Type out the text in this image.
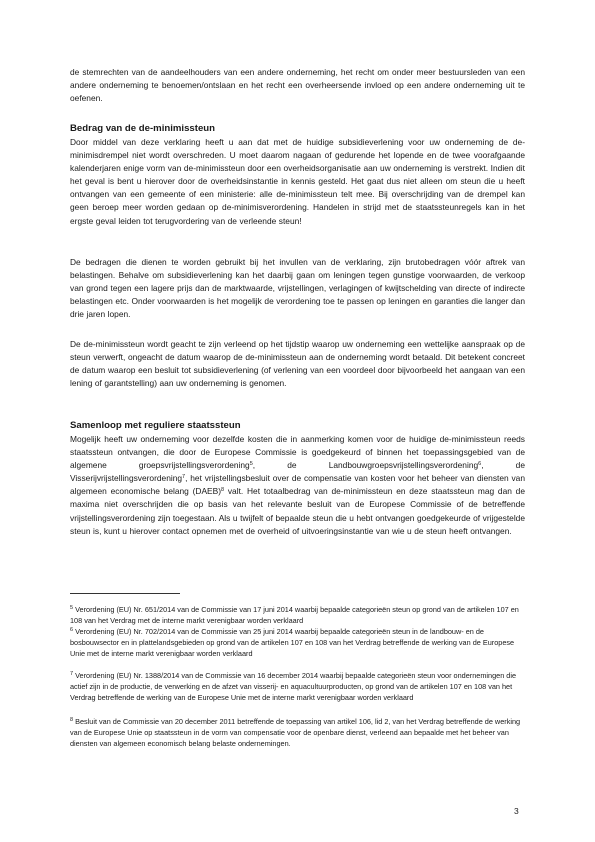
de stemrechten van de aandeelhouders van een andere onderneming, het recht om onder meer bestuursleden van een andere onderneming te benoemen/ontslaan en het recht een overheersende invloed op een andere onderneming uit te oefenen.

Bedrag van de de-minimissteun

Door middel van deze verklaring heeft u aan dat met de huidige subsidieverlening voor uw onderneming de de-minimisdrempel niet wordt overschreden. U moet daarom nagaan of gedurende het lopende en de twee voorafgaande kalenderjaren enige vorm van de-minimissteun door een overheidsorganisatie aan uw onderneming is verstrekt. Indien dit het geval is bent u hierover door de overheidsinstantie in kennis gesteld. Het gaat dus niet alleen om steun die u heeft ontvangen van een gemeente of een ministerie: alle de-minimissteun telt mee. Bij overschrijding van de drempel kan geen beroep meer worden gedaan op de-minimisverordening. Handelen in strijd met de staatssteunregels kan in het ergste geval leiden tot terugvordering van de verleende steun!

De bedragen die dienen te worden gebruikt bij het invullen van de verklaring, zijn brutobedragen vóór aftrek van belastingen. Behalve om subsidieverlening kan het daarbij gaan om leningen tegen gunstige voorwaarden, de verkoop van grond tegen een lagere prijs dan de marktwaarde, vrijstellingen, verlagingen of kwijtschelding van directe of indirecte belastingen etc. Onder voorwaarden is het mogelijk de verordening toe te passen op leningen en garanties die langer dan drie jaren lopen.

De de-minimissteun wordt geacht te zijn verleend op het tijdstip waarop uw onderneming een wettelijke aanspraak op de steun verwerft, ongeacht de datum waarop de de-minimissteun aan de onderneming wordt betaald. Dit betekent concreet de datum waarop een besluit tot subsidieverlening (of verlening van een voordeel door bijvoorbeeld het aangaan van een lening of garantstelling) aan uw onderneming is genomen.

Samenloop met reguliere staatssteun

Mogelijk heeft uw onderneming voor dezelfde kosten die in aanmerking komen voor de huidige de-minimissteun reeds staatssteun ontvangen, die door de Europese Commissie is goedgekeurd of binnen het toepassingsgebied van de algemene groepsvrijstellingsverordening$^5$, de Landbouwgroepsvrijstellingsverordening$^6$, de Visserijvrijstellingsverordening$^7$, het vrijstellingsbesluit over de compensatie van kosten voor het beheer van diensten van algemeen economische belang (DAEB)$^8$ valt. Het totaalbedrag van de-minimissteun en deze staatssteun mag dan de maxima niet overschrijden die op basis van het relevante besluit van de Europese Commissie of de betreffende vrijstellingsverordening zijn toegestaan. Als u twijfelt of bepaalde steun die u hebt ontvangen goedgekeurde of vrijgestelde steun is, kunt u hierover contact opnemen met de overheid of uitvoeringsinstantie van wie u de steun heeft ontvangen.

$^5$ Verordening (EU) Nr. 651/2014 van de Commissie van 17 juni 2014 waarbij bepaalde categorieën steun op grond van de artikelen 107 en 108 van het Verdrag met de interne markt verenigbaar worden verklaard
$^6$ Verordening (EU) Nr. 702/2014 van de Commissie van 25 juni 2014 waarbij bepaalde categorieën steun in de landbouw- en de bosbouwsector en in plattelandsgebieden op grond van de artikelen 107 en 108 van het Verdrag betreffende de werking van de Europese Unie met de interne markt verenigbaar worden verklaard
$^7$ Verordening (EU) Nr. 1388/2014 van de Commissie van 16 december 2014 waarbij bepaalde categorieën steun voor ondernemingen die actief zijn in de productie, de verwerking en de afzet van visserij- en aquacultuurproducten, op grond van de artikelen 107 en 108 van het Verdrag betreffende de werking van de Europese Unie met de interne markt verenigbaar worden verklaard
$^8$ Besluit van de Commissie van 20 december 2011 betreffende de toepassing van artikel 106, lid 2, van het Verdrag betreffende de werking van de Europese Unie op staatssteun in de vorm van compensatie voor de openbare dienst, verleend aan bepaalde met het beheer van diensten van algemeen economisch belang belaste ondernemingen.
3
